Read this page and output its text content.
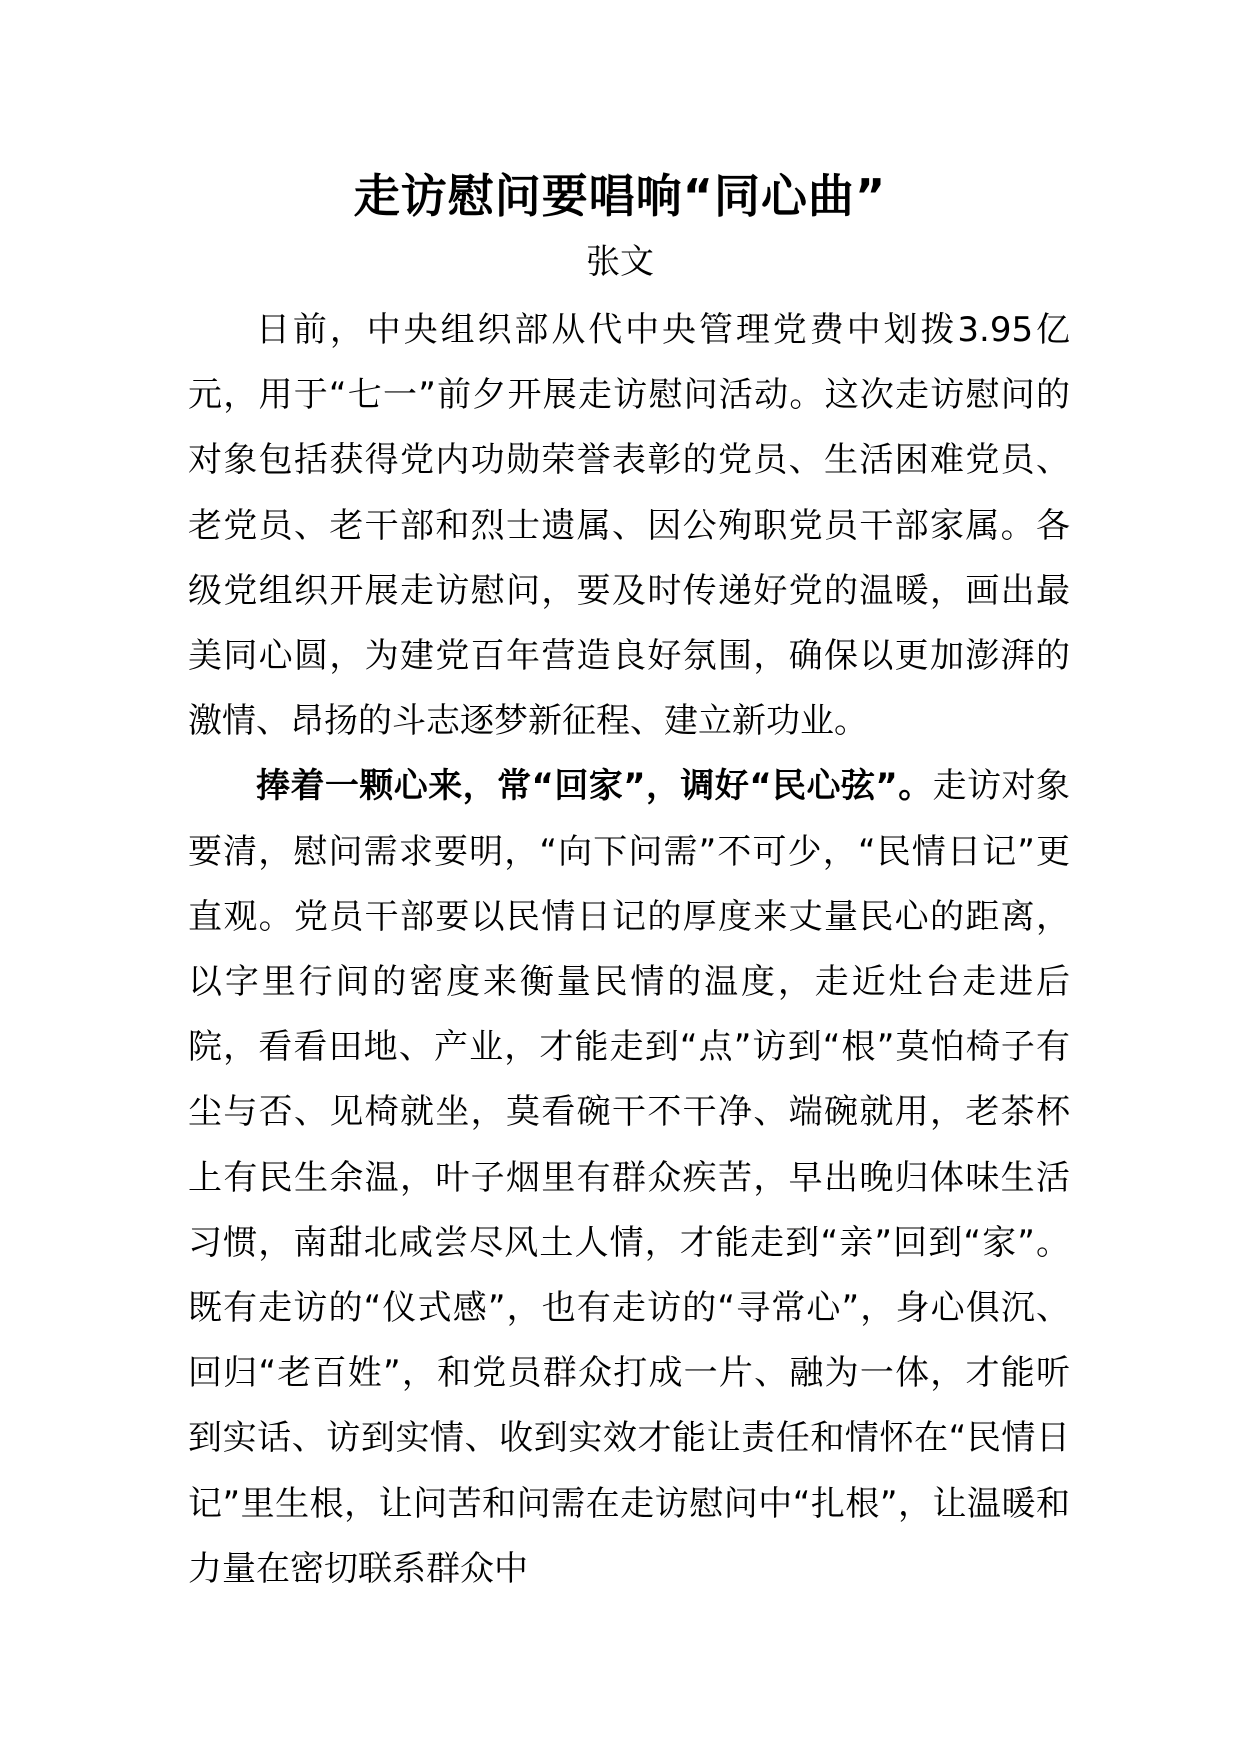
走访慰问要唱响“同心曲”
张文

日前，中央组织部从代中央管理党费中划拨3.95亿元，用于“七一”前夕开展走访慰问活动。这次走访慰问的对象包括获得党内功勋荣誉表彰的党员、生活困难党员、老党员、老干部和烈士遗属、因公殉职党员干部家属。各级党组织开展走访慰问，要及时传递好党的温暖，画出最美同心圆，为建党百年营造良好氛围，确保以更加澎湃的激情、昂扬的斗志逐梦新征程、建立新功业。

捧着一颗心来，常“回家”，调好“民心弦”。走访对象要清，慰问需求要明，“向下问需”不可少，“民情日记”更直观。党员干部要以民情日记的厚度来丈量民心的距离，以字里行间的密度来衡量民情的温度，走近灶台走进后院，看看田地、产业，才能走到“点”访到“根”莫怕椅子有尘与否、见椅就坐，莫看碗干不干净、端碗就用，老茶杯上有民生余温，叶子烟里有群众疾苦，早出晚归体味生活习惯，南甜北咸尝尽风土人情，才能走到“亲”回到“家”。既有走访的“仪式感”，也有走访的“寻常心”，身心俱沉、回归“老百姓”，和党员群众打成一片、融为一体，才能听到实话、访到实情、收到实效才能让责任和情怀在“民情日记”里生根，让问苦和问需在走访慰问中“扎根”，让温暖和力量在密切联系群众中
